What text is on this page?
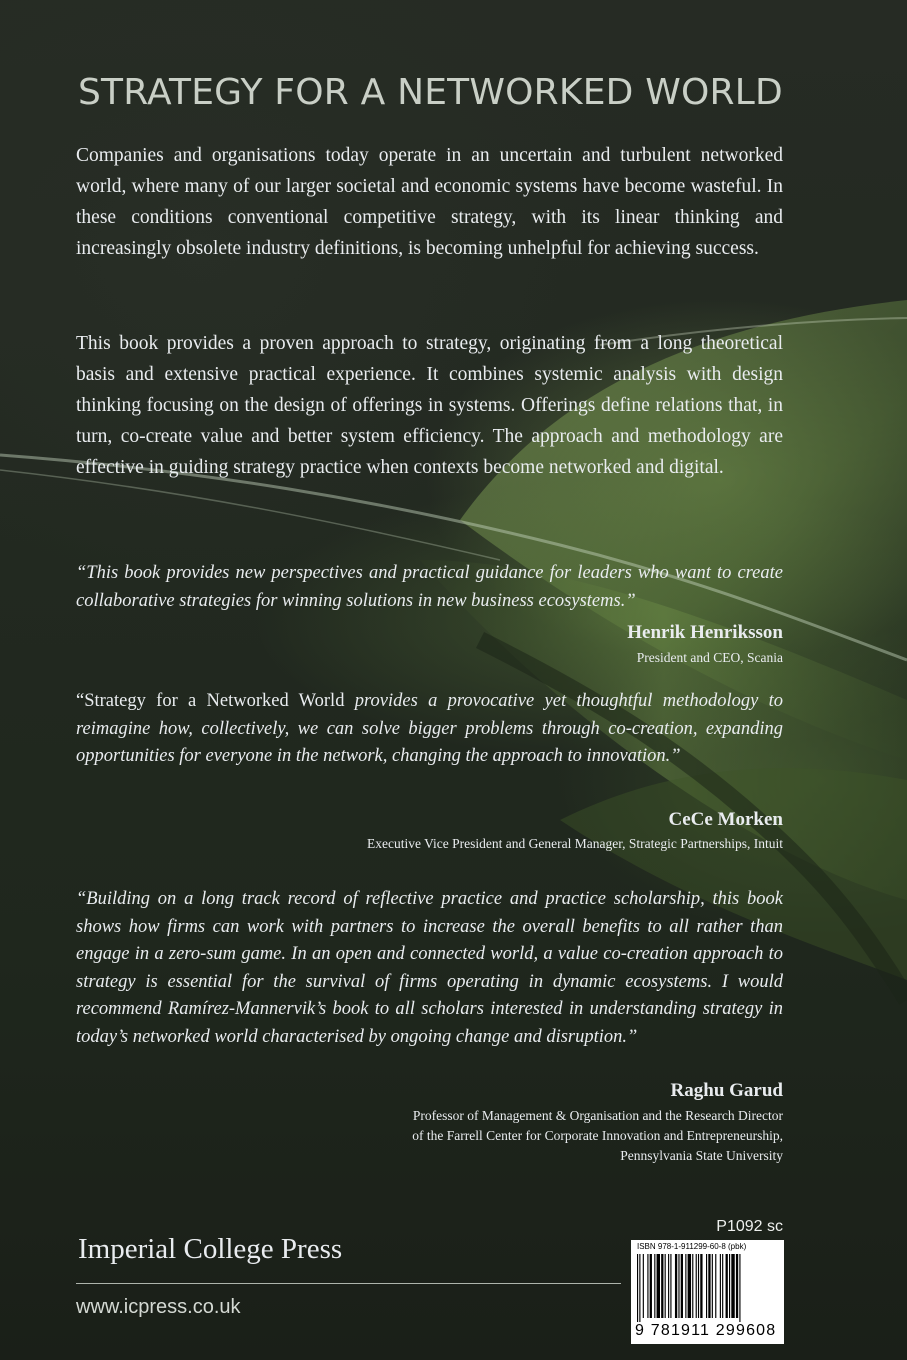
STRATEGY FOR A NETWORKED WORLD

Companies and organisations today operate in an uncertain and turbulent networked world, where many of our larger societal and economic systems have become wasteful. In these conditions conventional competitive strategy, with its linear thinking and increasingly obsolete industry definitions, is becoming unhelpful for achieving success.

This book provides a proven approach to strategy, originating from a long theoretical basis and extensive practical experience. It combines systemic analysis with design thinking focusing on the design of offerings in systems. Offerings define relations that, in turn, co-create value and better system efficiency. The approach and methodology are effective in guiding strategy practice when contexts become networked and digital.

“This book provides new perspectives and practical guidance for leaders who want to create collaborative strategies for winning solutions in new business ecosystems.”

Henrik Henriksson

President and CEO, Scania

“Strategy for a Networked World provides a provocative yet thoughtful methodology to reimagine how, collectively, we can solve bigger problems through co-creation, expanding opportunities for everyone in the network, changing the approach to innovation.”

CeCe Morken

Executive Vice President and General Manager, Strategic Partnerships, Intuit

“Building on a long track record of reflective practice and practice scholarship, this book shows how firms can work with partners to increase the overall benefits to all rather than engage in a zero-sum game. In an open and connected world, a value co-creation approach to strategy is essential for the survival of firms operating in dynamic ecosystems. I would recommend Ramírez-Mannervik’s book to all scholars interested in understanding strategy in today’s networked world characterised by ongoing change and disruption.”

Raghu Garud

Professor of Management & Organisation and the Research Director

of the Farrell Center for Corporate Innovation and Entrepreneurship,

Pennsylvania State University

P1092 sc

Imperial College Press

www.icpress.co.uk

ISBN 978-1-911299-60-8 (pbk)

9 781911 299608
